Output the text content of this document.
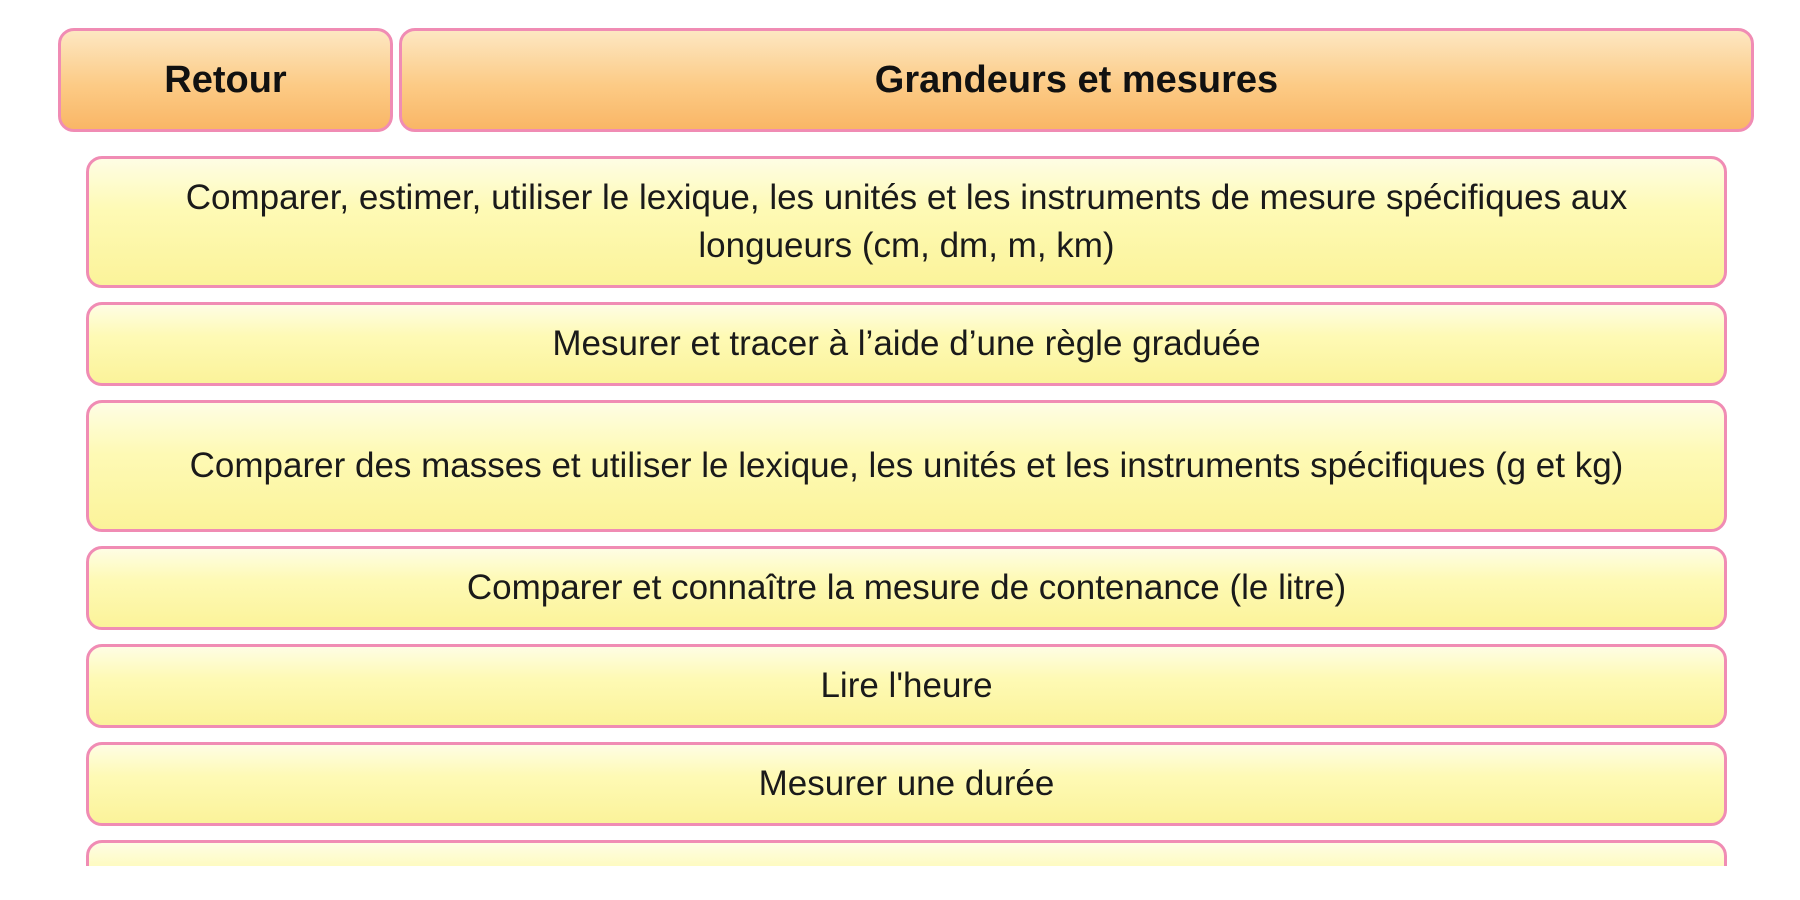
Retour	Grandeurs et mesures
Comparer, estimer, utiliser le lexique, les unités et les instruments de mesure spécifiques aux longueurs (cm, dm, m, km)
Mesurer et tracer à l’aide d’une règle graduée
Comparer des masses et utiliser le lexique, les unités et les instruments spécifiques (g et kg)
Comparer et connaître la mesure de contenance (le litre)
Lire l'heure
Mesurer une durée
